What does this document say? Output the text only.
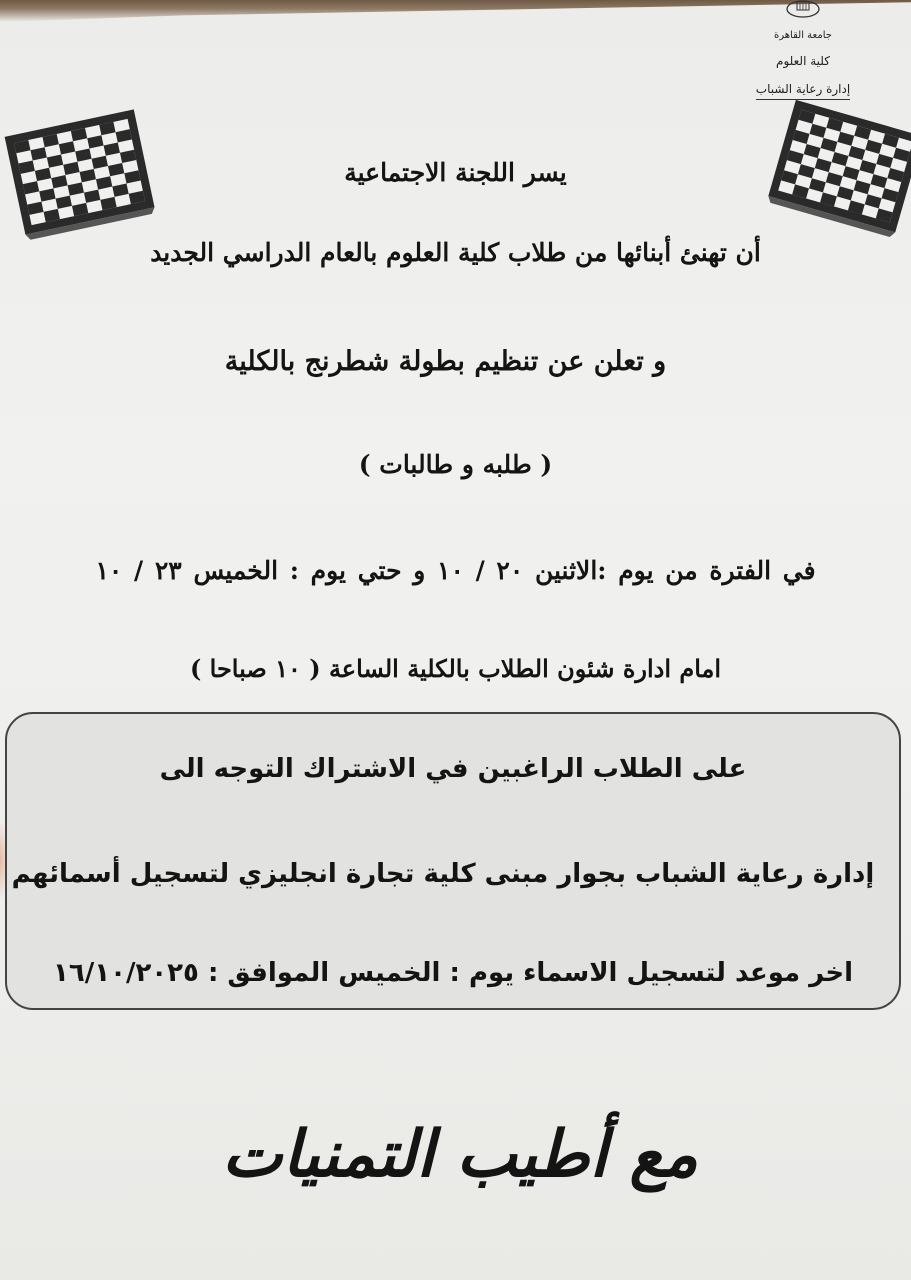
جامعة القاهرة
كلية العلوم
إدارة رعاية الشباب
يسر اللجنة الاجتماعية
أن تهنئ أبنائها من طلاب كلية العلوم بالعام الدراسي الجديد
و تعلن عن تنظيم بطولة شطرنج بالكلية
( طلبه و طالبات )
في الفترة من يوم :الاثنين ٢٠ / ١٠ و حتي يوم : الخميس ٢٣ / ١٠
امام ادارة شئون الطلاب بالكلية الساعة ( ١٠ صباحا )
على الطلاب الراغبين في الاشتراك التوجه الى
إدارة رعاية الشباب بجوار مبنى كلية تجارة انجليزي لتسجيل أسمائهم
اخر موعد لتسجيل الاسماء يوم : الخميس الموافق : ١٦/١٠/٢٠٢٥
مع أطيب التمنيات
